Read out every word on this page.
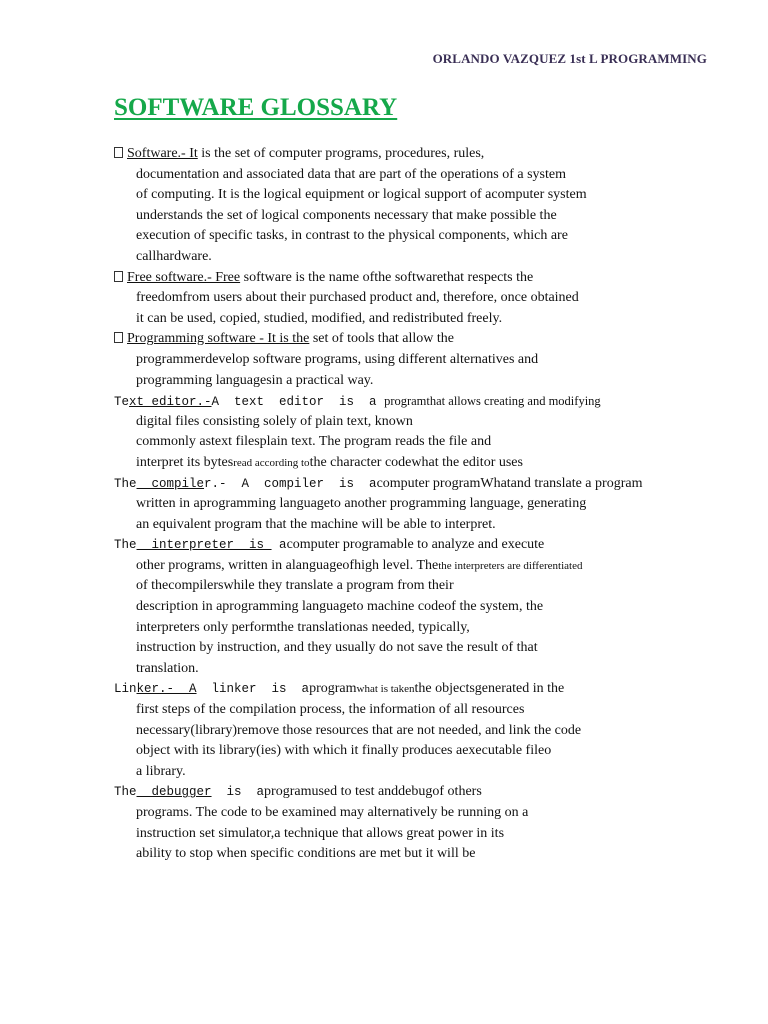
ORLANDO VAZQUEZ 1st L PROGRAMMING
SOFTWARE GLOSSARY
Software.- It is the set of computer programs, procedures, rules,
documentation and associated data that are part of the operations of a system
of computing. It is the logical equipment or logical support of acomputer system
understands the set of logical components necessary that make possible the
execution of specific tasks, in contrast to the physical components, which are
callhardware.
Free software.- Free software is the name ofthe softwarethat respects the
freedomfrom users about their purchased product and, therefore, once obtained
it can be used, copied, studied, modified, and redistributed freely.
Programming software - It is the set of tools that allow the
programmerdevelop software programs, using different alternatives and
programming languagesin a practical way.
Text editor.-A  text  editor  is  a programthat allows creating and modifying
digital files consisting solely of plain text, known
commonly astext filesplain text. The program reads the file and
interpret its bytesread according tothe character codewhat the editor uses
The  compiler.-  A  compiler  is  acomputer programWhatand translate a program
written in aprogramming languageto another programming language, generating
an equivalent program that the machine will be able to interpret.
The  interpreter  is  acomputer programable to analyze and execute
other programs, written in alanguageofhigh level. Thethe interpreters are differentiated
of thecompilerswhile they translate a program from their
description in aprogramming languageto machine codeof the system, the
interpreters only performthe translationas needed, typically,
instruction by instruction, and they usually do not save the result of that
translation.
Linker.-  A  linker  is  aprogramwhat is takenthe objectsgenerated in the
first steps of the compilation process, the information of all resources
necessary(library)remove those resources that are not needed, and link the code
object with its library(ies) with which it finally produces aexecutable fileo
a library.
The  debugger  is  aprogramused to test anddebugof others
programs. The code to be examined may alternatively be running on a
instruction set simulator,a technique that allows great power in its
ability to stop when specific conditions are met but it will be
